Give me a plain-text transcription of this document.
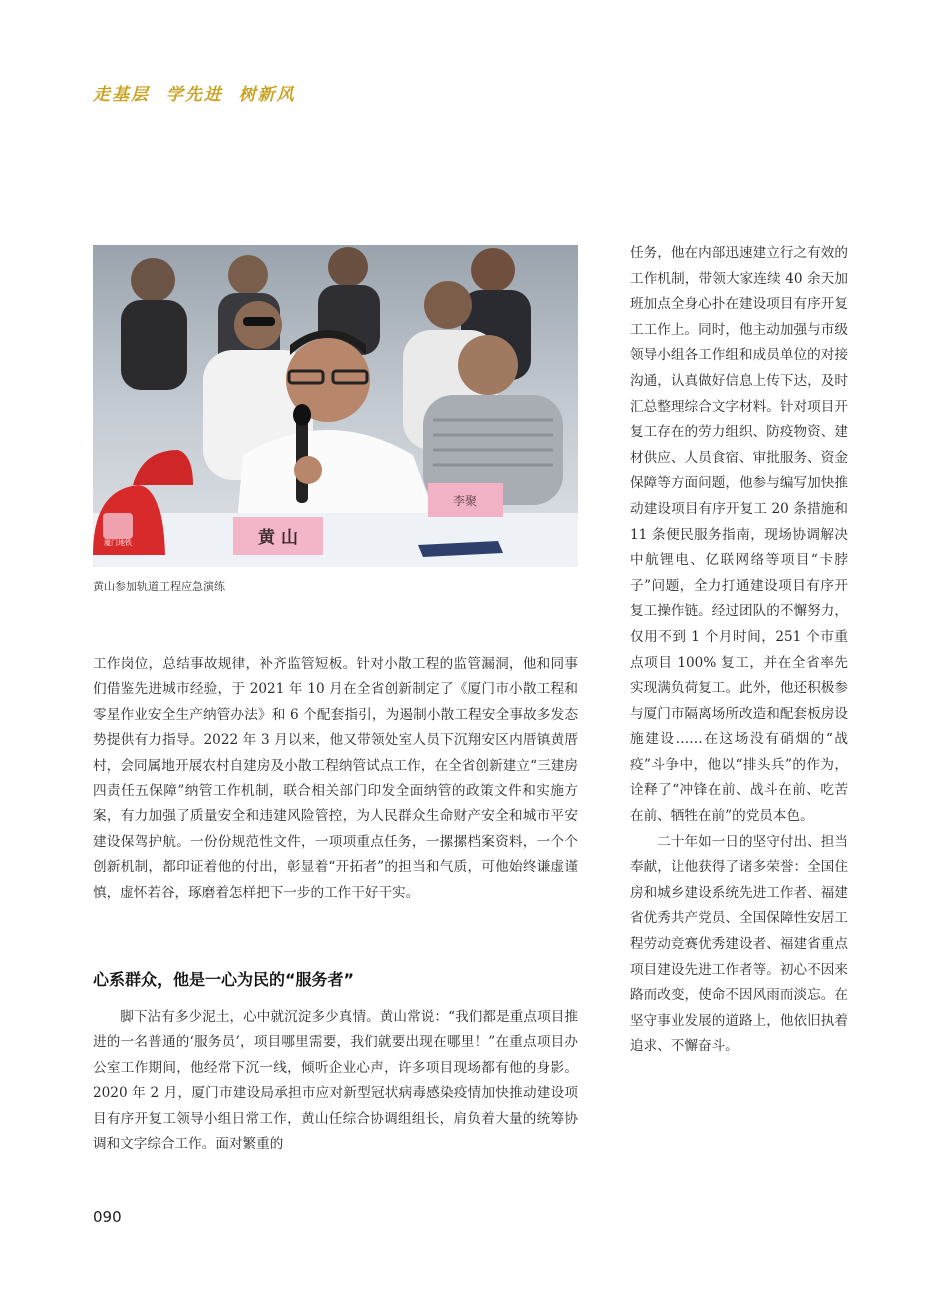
走基层  学先进  树新风
黄 山
李聚
厦门地铁
黄山参加轨道工程应急演练

工作岗位，总结事故规律，补齐监管短板。针对小散工程的监管漏洞，他和同事们借鉴先进城市经验，于 2021 年 10 月在全省创新制定了《厦门市小散工程和零星作业安全生产纳管办法》和 6 个配套指引，为遏制小散工程安全事故多发态势提供有力指导。2022 年 3 月以来，他又带领处室人员下沉翔安区内厝镇黄厝村，会同属地开展农村自建房及小散工程纳管试点工作，在全省创新建立“三建房四责任五保障”纳管工作机制，联合相关部门印发全面纳管的政策文件和实施方案，有力加强了质量安全和违建风险管控，为人民群众生命财产安全和城市平安建设保驾护航。一份份规范性文件，一项项重点任务，一摞摞档案资料，一个个创新机制，都印证着他的付出，彰显着“开拓者”的担当和气质，可他始终谦虚谨慎，虚怀若谷，琢磨着怎样把下一步的工作干好干实。

心系群众，他是一心为民的“服务者”

脚下沾有多少泥土，心中就沉淀多少真情。黄山常说：“我们都是重点项目推进的一名普通的‘服务员’，项目哪里需要，我们就要出现在哪里！”在重点项目办公室工作期间，他经常下沉一线，倾听企业心声，许多项目现场都有他的身影。2020 年 2 月，厦门市建设局承担市应对新型冠状病毒感染疫情加快推动建设项目有序开复工领导小组日常工作，黄山任综合协调组组长，肩负着大量的统筹协调和文字综合工作。面对繁重的

任务，他在内部迅速建立行之有效的工作机制，带领大家连续 40 余天加班加点全身心扑在建设项目有序开复工工作上。同时，他主动加强与市级领导小组各工作组和成员单位的对接沟通，认真做好信息上传下达，及时汇总整理综合文字材料。针对项目开复工存在的劳力组织、防疫物资、建材供应、人员食宿、审批服务、资金保障等方面问题，他参与编写加快推动建设项目有序开复工 20 条措施和 11 条便民服务指南，现场协调解决中航锂电、亿联网络等项目“卡脖子”问题，全力打通建设项目有序开复工操作链。经过团队的不懈努力，仅用不到 1 个月时间，251 个市重点项目 100% 复工，并在全省率先实现满负荷复工。此外，他还积极参与厦门市隔离场所改造和配套板房设施建设……在这场没有硝烟的“战疫”斗争中，他以“排头兵”的作为，诠释了“冲锋在前、战斗在前、吃苦在前、牺牲在前”的党员本色。

二十年如一日的坚守付出、担当奉献，让他获得了诸多荣誉：全国住房和城乡建设系统先进工作者、福建省优秀共产党员、全国保障性安居工程劳动竞赛优秀建设者、福建省重点项目建设先进工作者等。初心不因来路而改变，使命不因风雨而淡忘。在坚守事业发展的道路上，他依旧执着追求、不懈奋斗。

090
